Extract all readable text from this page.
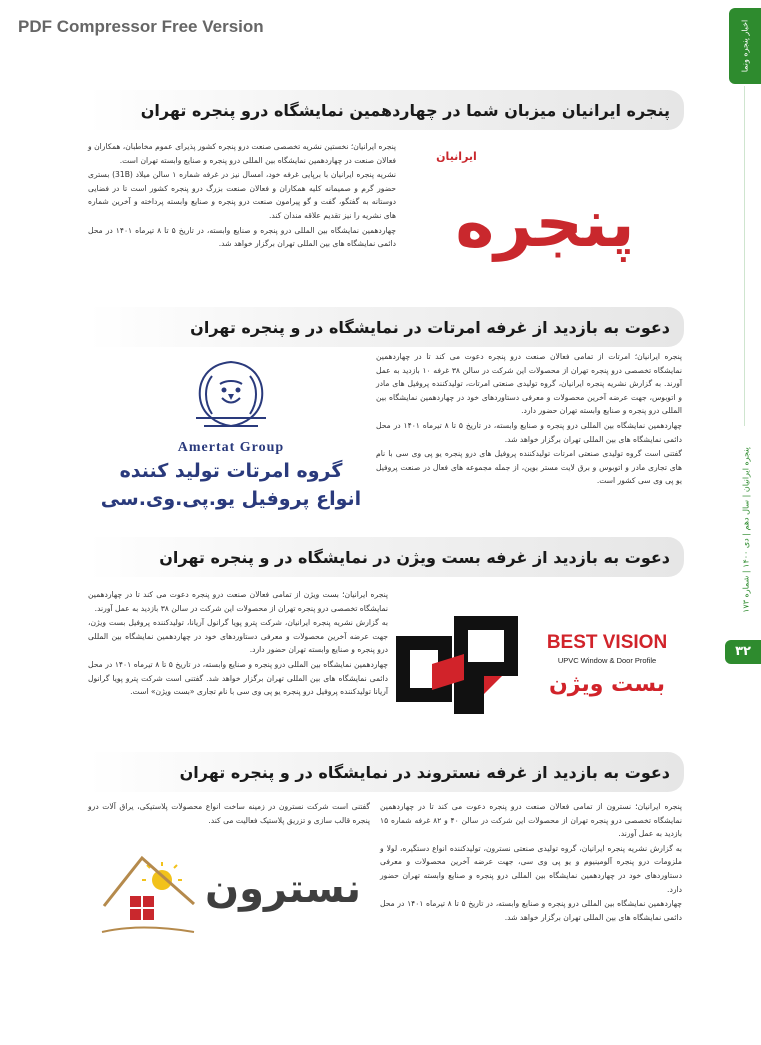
PDF Compressor Free Version	اخبار پنجره ونما
پنجره ایرانیان | سال دهم | دی ۱۴۰۰ | شماره ۱۷۳
۳۲
پنجره ایرانیان میزبان شما در چهاردهمین نمایشگاه درو پنجره تهران

پنجره ایرانیان؛ نخستین نشریه تخصصی صنعت درو پنجره کشور پذیرای عموم مخاطبان، همکاران و فعالان صنعت در چهاردهمین نمایشگاه بین المللی درو پنجره و صنایع وابسته تهران است.

نشریه پنجره ایرانیان با برپایی غرفه خود، امسال نیز در غرفه شماره ۱ سالن میلاد (31B) بستری حضور گرم و صمیمانه کلیه همکاران و فعالان صنعت بزرگ درو پنجره کشور است تا در فضایی دوستانه به گفتگو، گفت و گو پیرامون صنعت درو پنجره و صنایع وابسته پرداخته و آخرین شماره های نشریه را نیز تقدیم علاقه مندان کند.

چهاردهمین نمایشگاه بین المللی درو پنجره و صنایع وابسته، در تاریخ ۵ تا ۸ تیرماه ۱۴۰۱ در محل دائمی نمایشگاه های بین المللی تهران برگزار خواهد شد.

ایرانیان
پنجره
دعوت به بازدید از غرفه امرتات در نمایشگاه در و پنجره تهران
Amertat Group
گروه امرتات تولید کننده
انواع پروفیل یو.پی.وی.سی

پنجره ایرانیان؛ امرتات از تمامی فعالان صنعت درو پنجره دعوت می کند تا در چهاردهمین نمایشگاه تخصصی درو پنجره تهران از محصولات این شرکت در سالن ۳۸ غرفه ۱۰ بازدید به عمل آورند. به گزارش نشریه پنجره ایرانیان، گروه تولیدی صنعتی امرتات، تولیدکننده پروفیل های مادر و اتوبوس، جهت عرضه آخرین محصولات و معرفی دستاوردهای خود در چهاردهمین نمایشگاه بین المللی درو پنجره و صنایع وابسته تهران حضور دارد.

چهاردهمین نمایشگاه بین المللی درو پنجره و صنایع وابسته، در تاریخ ۵ تا ۸ تیرماه ۱۴۰۱ در محل دائمی نمایشگاه های بین المللی تهران برگزار خواهد شد.

گفتنی است گروه تولیدی صنعتی امرتات تولیدکننده پروفیل های درو پنجره یو پی وی سی با نام های تجاری مادر و اتوبوس و برق لایت مستر بوین، از جمله مجموعه های فعال در صنعت پروفیل یو پی وی سی کشور است.

دعوت به بازدید از غرفه بست ویژن در نمایشگاه در و پنجره تهران

پنجره ایرانیان؛ بست ویژن از تمامی فعالان صنعت درو پنجره دعوت می کند تا در چهاردهمین نمایشگاه تخصصی درو پنجره تهران از محصولات این شرکت در سالن ۳۸ بازدید به عمل آورند.

به گزارش نشریه پنجره ایرانیان، شرکت پترو پویا گرانول آریانا، تولیدکننده پروفیل بست ویژن، جهت عرضه آخرین محصولات و معرفی دستاوردهای خود در چهاردهمین نمایشگاه بین المللی درو پنجره و صنایع وابسته تهران حضور دارد.

چهاردهمین نمایشگاه بین المللی درو پنجره و صنایع وابسته، در تاریخ ۵ تا ۸ تیرماه ۱۴۰۱ در محل دائمی نمایشگاه های بین المللی تهران برگزار خواهد شد. گفتنی است شرکت پترو پویا گرانول آریانا تولیدکننده پروفیل درو پنجره یو پی وی سی با نام تجاری «بست ویژن» است.

BEST VISION
UPVC Window & Door Profile
بست ویژن
دعوت به بازدید از غرفه نستروند در نمایشگاه در و پنجره تهران

گفتنی است شرکت نسترون در زمینه ساخت انواع محصولات پلاستیکی، یراق آلات درو پنجره قالب سازی و تزریق پلاستیک فعالیت می کند.

پنجره ایرانیان؛ نسترون از تمامی فعالان صنعت درو پنجره دعوت می کند تا در چهاردهمین نمایشگاه تخصصی درو پنجره تهران از محصولات این شرکت در سالن ۴۰ و ۸۲ غرفه شماره ۱۵ بازدید به عمل آورند.

به گزارش نشریه پنجره ایرانیان، گروه تولیدی صنعتی نسترون، تولیدکننده انواع دستگیره، لولا و ملزومات درو پنجره آلومینیوم و یو پی وی سی، جهت عرضه آخرین محصولات و معرفی دستاوردهای خود در چهاردهمین نمایشگاه بین المللی درو پنجره و صنایع وابسته تهران حضور دارد.

چهاردهمین نمایشگاه بین المللی درو پنجره و صنایع وابسته، در تاریخ ۵ تا ۸ تیرماه ۱۴۰۱ در محل دائمی نمایشگاه های بین المللی تهران برگزار خواهد شد.

نسترون
